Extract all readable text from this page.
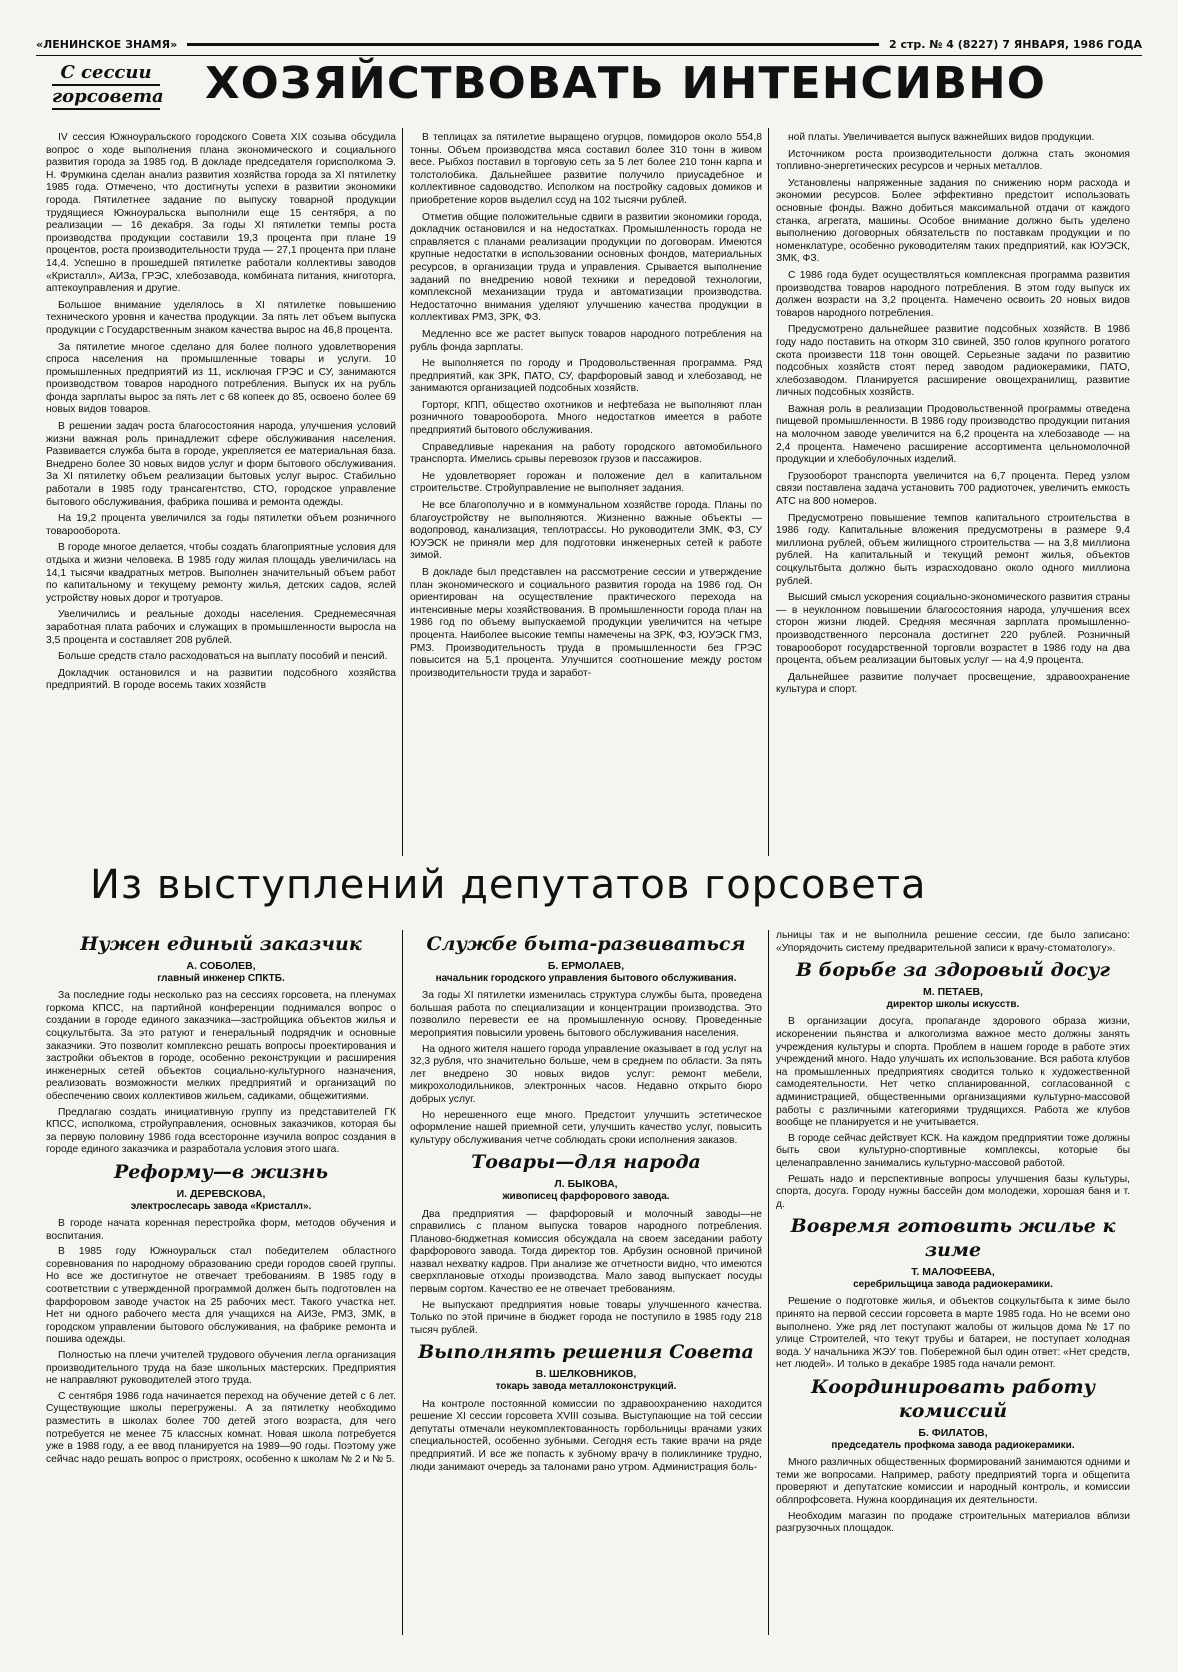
«ЛЕНИНСКОЕ ЗНАМЯ»	2 стр. № 4 (8227) 7 ЯНВАРЯ, 1986 ГОДА
С сессии
горсовета ХОЗЯЙСТВОВАТЬ ИНТЕНСИВНО

IV сессия Южноуральского городского Совета XIX созыва обсудила вопрос о ходе выполнения плана экономического и социального развития города за 1985 год. В докладе председателя горисполкома Э. Н. Фрумкина сделан анализ развития хозяйства города за XI пятилетку 1985 года. Отмечено, что достигнуты успехи в развитии экономики города. Пятилетнее задание по выпуску товарной продукции трудящиеся Южноуральска выполнили еще 15 сентября, а по реализации — 16 декабря. За годы XI пятилетки темпы роста производства продукции составили 19,3 процента при плане 19 процентов, роста производительности труда — 27,1 процента при плане 14,4. Успешно в прошедшей пятилетке работали коллективы заводов «Кристалл», АИЗа, ГРЭС, хлебозавода, комбината питания, книготорга, аптекоуправления и другие.

Большое внимание уделялось в XI пятилетке повышению технического уровня и качества продукции. За пять лет объем выпуска продукции с Государственным знаком качества вырос на 46,8 процента.

За пятилетие многое сделано для более полного удовлетворения спроса населения на промышленные товары и услуги. 10 промышленных предприятий из 11, исключая ГРЭС и СУ, занимаются производством товаров народного потребления. Выпуск их на рубль фонда зарплаты вырос за пять лет с 68 копеек до 85, освоено более 69 новых видов товаров.

В решении задач роста благосостояния народа, улучшения условий жизни важная роль принадлежит сфере обслуживания населения. Развивается служба быта в городе, укрепляется ее материальная база. Внедрено более 30 новых видов услуг и форм бытового обслуживания. За XI пятилетку объем реализации бытовых услуг вырос. Стабильно работали в 1985 году трансагентство, СТО, городское управление бытового обслуживания, фабрика пошива и ремонта одежды.

На 19,2 процента увеличился за годы пятилетки объем розничного товарооборота.

В городе многое делается, чтобы создать благоприятные условия для отдыха и жизни человека. В 1985 году жилая площадь увеличилась на 14,1 тысячи квадратных метров. Выполнен значительный объем работ по капитальному и текущему ремонту жилья, детских садов, яслей устройству новых дорог и тротуаров.

Увеличились и реальные доходы населения. Среднемесячная заработная плата рабочих и служащих в промышленности выросла на 3,5 процента и составляет 208 рублей.

Больше средств стало расходоваться на выплату пособий и пенсий.

Докладчик остановился и на развитии подсобного хозяйства предприятий. В городе восемь таких хозяйств

В теплицах за пятилетие выращено огурцов, помидоров около 554,8 тонны. Объем производства мяса составил более 310 тонн в живом весе. Рыбхоз поставил в торговую сеть за 5 лет более 210 тонн карпа и толстолобика. Дальнейшее развитие получило приусадебное и коллективное садоводство. Исполком на постройку садовых домиков и приобретение коров выделил ссуд на 102 тысячи рублей.

Отметив общие положительные сдвиги в развитии экономики города, докладчик остановился и на недостатках. Промышленность города не справляется с планами реализации продукции по договорам. Имеются крупные недостатки в использовании основных фондов, материальных ресурсов, в организации труда и управления. Срывается выполнение заданий по внедрению новой техники и передовой технологии, комплексной механизации труда и автоматизации производства. Недостаточно внимания уделяют улучшению качества продукции в коллективах РМЗ, ЗРК, ФЗ.

Медленно все же растет выпуск товаров народного потребления на рубль фонда зарплаты.

Не выполняется по городу и Продовольственная программа. Ряд предприятий, как ЗРК, ПАТО, СУ, фарфоровый завод и хлебозавод, не занимаются организацией подсобных хозяйств.

Горторг, КПП, общество охотников и нефтебаза не выполняют план розничного товарооборота. Много недостатков имеется в работе предприятий бытового обслуживания.

Справедливые нарекания на работу городского автомобильного транспорта. Имелись срывы перевозок грузов и пассажиров.

Не удовлетворяет горожан и положение дел в капитальном строительстве. Стройуправление не выполняет задания.

Не все благополучно и в коммунальном хозяйстве города. Планы по благоустройству не выполняются. Жизненно важные объекты — водопровод, канализация, теплотрассы. Но руководители ЗМК, ФЗ, СУ ЮУЭСК не приняли мер для подготовки инженерных сетей к работе зимой.

В докладе был представлен на рассмотрение сессии и утверждение план экономического и социального развития города на 1986 год. Он ориентирован на осуществление практического перехода на интенсивные меры хозяйствования. В промышленности города план на 1986 год по объему выпускаемой продукции увеличится на четыре процента. Наиболее высокие темпы намечены на ЗРК, ФЗ, ЮУЭСК ГМЗ, РМЗ. Производительность труда в промышленности без ГРЭС повысится на 5,1 процента. Улучшится соотношение между ростом производительности труда и заработ-

ной платы. Увеличивается выпуск важнейших видов продукции.

Источником роста производительности должна стать экономия топливно-энергетических ресурсов и черных металлов.

Установлены напряженные задания по снижению норм расхода и экономии ресурсов. Более эффективно предстоит использовать основные фонды. Важно добиться максимальной отдачи от каждого станка, агрегата, машины. Особое внимание должно быть уделено выполнению договорных обязательств по поставкам продукции и по номенклатуре, особенно руководителям таких предприятий, как ЮУЭСК, ЗМК, ФЗ.

С 1986 года будет осуществляться комплексная программа развития производства товаров народного потребления. В этом году выпуск их должен возрасти на 3,2 процента. Намечено освоить 20 новых видов товаров народного потребления.

Предусмотрено дальнейшее развитие подсобных хозяйств. В 1986 году надо поставить на откорм 310 свиней, 350 голов крупного рогатого скота произвести 118 тонн овощей. Серьезные задачи по развитию подсобных хозяйств стоят перед заводом радиокерамики, ПАТО, хлебозаводом. Планируется расширение овощехранилищ, развитие личных подсобных хозяйств.

Важная роль в реализации Продовольственной программы отведена пищевой промышленности. В 1986 году производство продукции питания на молочном заводе увеличится на 6,2 процента на хлебозаводе — на 2,4 процента. Намечено расширение ассортимента цельномолочной продукции и хлебобулочных изделий.

Грузооборот транспорта увеличится на 6,7 процента. Перед узлом связи поставлена задача установить 700 радиоточек, увеличить емкость АТС на 800 номеров.

Предусмотрено повышение темпов капитального строительства в 1986 году. Капитальные вложения предусмотрены в размере 9,4 миллиона рублей, объем жилищного строительства — на 3,8 миллиона рублей. На капитальный и текущий ремонт жилья, объектов соцкультбыта должно быть израсходовано около одного миллиона рублей.

Высший смысл ускорения социально-экономического развития страны — в неуклонном повышении благосостояния народа, улучшения всех сторон жизни людей. Средняя месячная зарплата промышленно-производственного персонала достигнет 220 рублей. Розничный товарооборот государственной торговли возрастет в 1986 году на два процента, объем реализации бытовых услуг — на 4,9 процента.

Дальнейшее развитие получает просвещение, здравоохранение культура и спорт.

Из выступлений депутатов горсовета
Нужен единый заказчик

А. СОБОЛЕВ,

главный инженер СПКТБ.

За последние годы несколько раз на сессиях горсовета, на пленумах горкома КПСС, на партийной конференции поднимался вопрос о создании в городе единого заказчика—застройщика объектов жилья и соцкультбыта. За это ратуют и генеральный подрядчик и основные заказчики. Это позволит комплексно решать вопросы проектирования и застройки объектов в городе, особенно реконструкции и расширения инженерных сетей объектов социально-культурного назначения, реализовать возможности мелких предприятий и организаций по обеспечению своих коллективов жильем, садиками, общежитиями.

Предлагаю создать инициативную группу из представителей ГК КПСС, исполкома, стройуправления, основных заказчиков, которая бы за первую половину 1986 года всесторонне изучила вопрос создания в городе единого заказчика и разработала условия этого шага.

Реформу—в жизнь

И. ДЕРЕВСКОВА,

электрослесарь завода «Кристалл».

В городе начата коренная перестройка форм, методов обучения и воспитания.

В 1985 году Южноуральск стал победителем областного соревнования по народному образованию среди городов своей группы. Но все же достигнутое не отвечает требованиям. В 1985 году в соответствии с утвержденной программой должен быть подготовлен на фарфоровом заводе участок на 25 рабочих мест. Такого участка нет. Нет ни одного рабочего места для учащихся на АИЗе, РМЗ, ЗМК, в городском управлении бытового обслуживания, на фабрике ремонта и пошива одежды.

Полностью на плечи учителей трудового обучения легла организация производительного труда на базе школьных мастерских. Предприятия не направляют руководителей этого труда.

С сентября 1986 года начинается переход на обучение детей с 6 лет. Существующие школы перегружены. А за пятилетку необходимо разместить в школах более 700 детей этого возраста, для чего потребуется не менее 75 классных комнат. Новая школа потребуется уже в 1988 году, а ее ввод планируется на 1989—90 годы. Поэтому уже сейчас надо решать вопрос о пристроях, особенно к школам № 2 и № 5.

Службе быта-развиваться

Б. ЕРМОЛАЕВ,

начальник городского управления бытового обслуживания.

За годы XI пятилетки изменилась структура службы быта, проведена большая работа по специализации и концентрации производства. Это позволило перевести ее на промышленную основу. Проведенные мероприятия повысили уровень бытового обслуживания населения.

На одного жителя нашего города управление оказывает в год услуг на 32,3 рубля, что значительно больше, чем в среднем по области. За пять лет внедрено 30 новых видов услуг: ремонт мебели, микрохолодильников, электронных часов. Недавно открыто бюро добрых услуг.

Но нерешенного еще много. Предстоит улучшить эстетическое оформление нашей приемной сети, улучшить качество услуг, повысить культуру обслуживания четче соблюдать сроки исполнения заказов.

Товары—для народа

Л. БЫКОВА,

живописец фарфорового завода.

Два предприятия — фарфоровый и молочный заводы—не справились с планом выпуска товаров народного потребления. Планово-бюджетная комиссия обсуждала на своем заседании работу фарфорового завода. Тогда директор тов. Арбузин основной причиной назвал нехватку кадров. При анализе же отчетности видно, что имеются сверхплановые отходы производства. Мало завод выпускает посуды первым сортом. Качество ее не отвечает требованиям.

Не выпускают предприятия новые товары улучшенного качества. Только по этой причине в бюджет города не поступило в 1985 году 218 тысяч рублей.

Выполнять решения Совета

В. ШЕЛКОВНИКОВ,

токарь завода металлоконструкций.

На контроле постоянной комиссии по здравоохранению находится решение XI сессии горсовета XVIII созыва. Выступающие на той сессии депутаты отмечали неукомплектованность горбольницы врачами узких специальностей, особенно зубными. Сегодня есть такие врачи на ряде предприятий. И все же попасть к зубному врачу в поликлинике трудно, люди занимают очередь за талонами рано утром. Администрация боль-

льницы так и не выполнила решение сессии, где было записано: «Упорядочить систему предварительной записи к врачу-стоматологу».

В борьбе за здоровый досуг

М. ПЕТАЕВ,

директор школы искусств.

В организации досуга, пропаганде здорового образа жизни, искоренении пьянства и алкоголизма важное место должны занять учреждения культуры и спорта. Проблем в нашем городе в работе этих учреждений много. Надо улучшать их использование. Вся работа клубов на промышленных предприятиях сводится только к художественной самодеятельности. Нет четко спланированной, согласованной с администрацией, общественными организациями культурно-массовой работы с различными категориями трудящихся. Работа же клубов вообще не планируется и не учитывается.

В городе сейчас действует КСК. На каждом предприятии тоже должны быть свои культурно-спортивные комплексы, которые бы целенаправленно занимались культурно-массовой работой.

Решать надо и перспективные вопросы улучшения базы культуры, спорта, досуга. Городу нужны бассейн дом молодежи, хорошая баня и т. д.

Вовремя готовить жилье к зиме

Т. МАЛОФЕЕВА,

серебрильщица завода радиокерамики.

Решение о подготовке жилья, и объектов соцкультбыта к зиме было принято на первой сессии горсовета в марте 1985 года. Но не всеми оно выполнено. Уже ряд лет поступают жалобы от жильцов дома № 17 по улице Строителей, что текут трубы и батареи, не поступает холодная вода. У начальника ЖЭУ тов. Побережной был один ответ: «Нет средств, нет людей». И только в декабре 1985 года начали ремонт.

Координировать работу комиссий

Б. ФИЛАТОВ,

председатель профкома завода радиокерамики.

Много различных общественных формирований занимаются одними и теми же вопросами. Например, работу предприятий торга и общепита проверяют и депутатские комиссии и народный контроль, и комиссии облпрофсовета. Нужна координация их деятельности.

Необходим магазин по продаже строительных материалов вблизи разгрузочных площадок.
